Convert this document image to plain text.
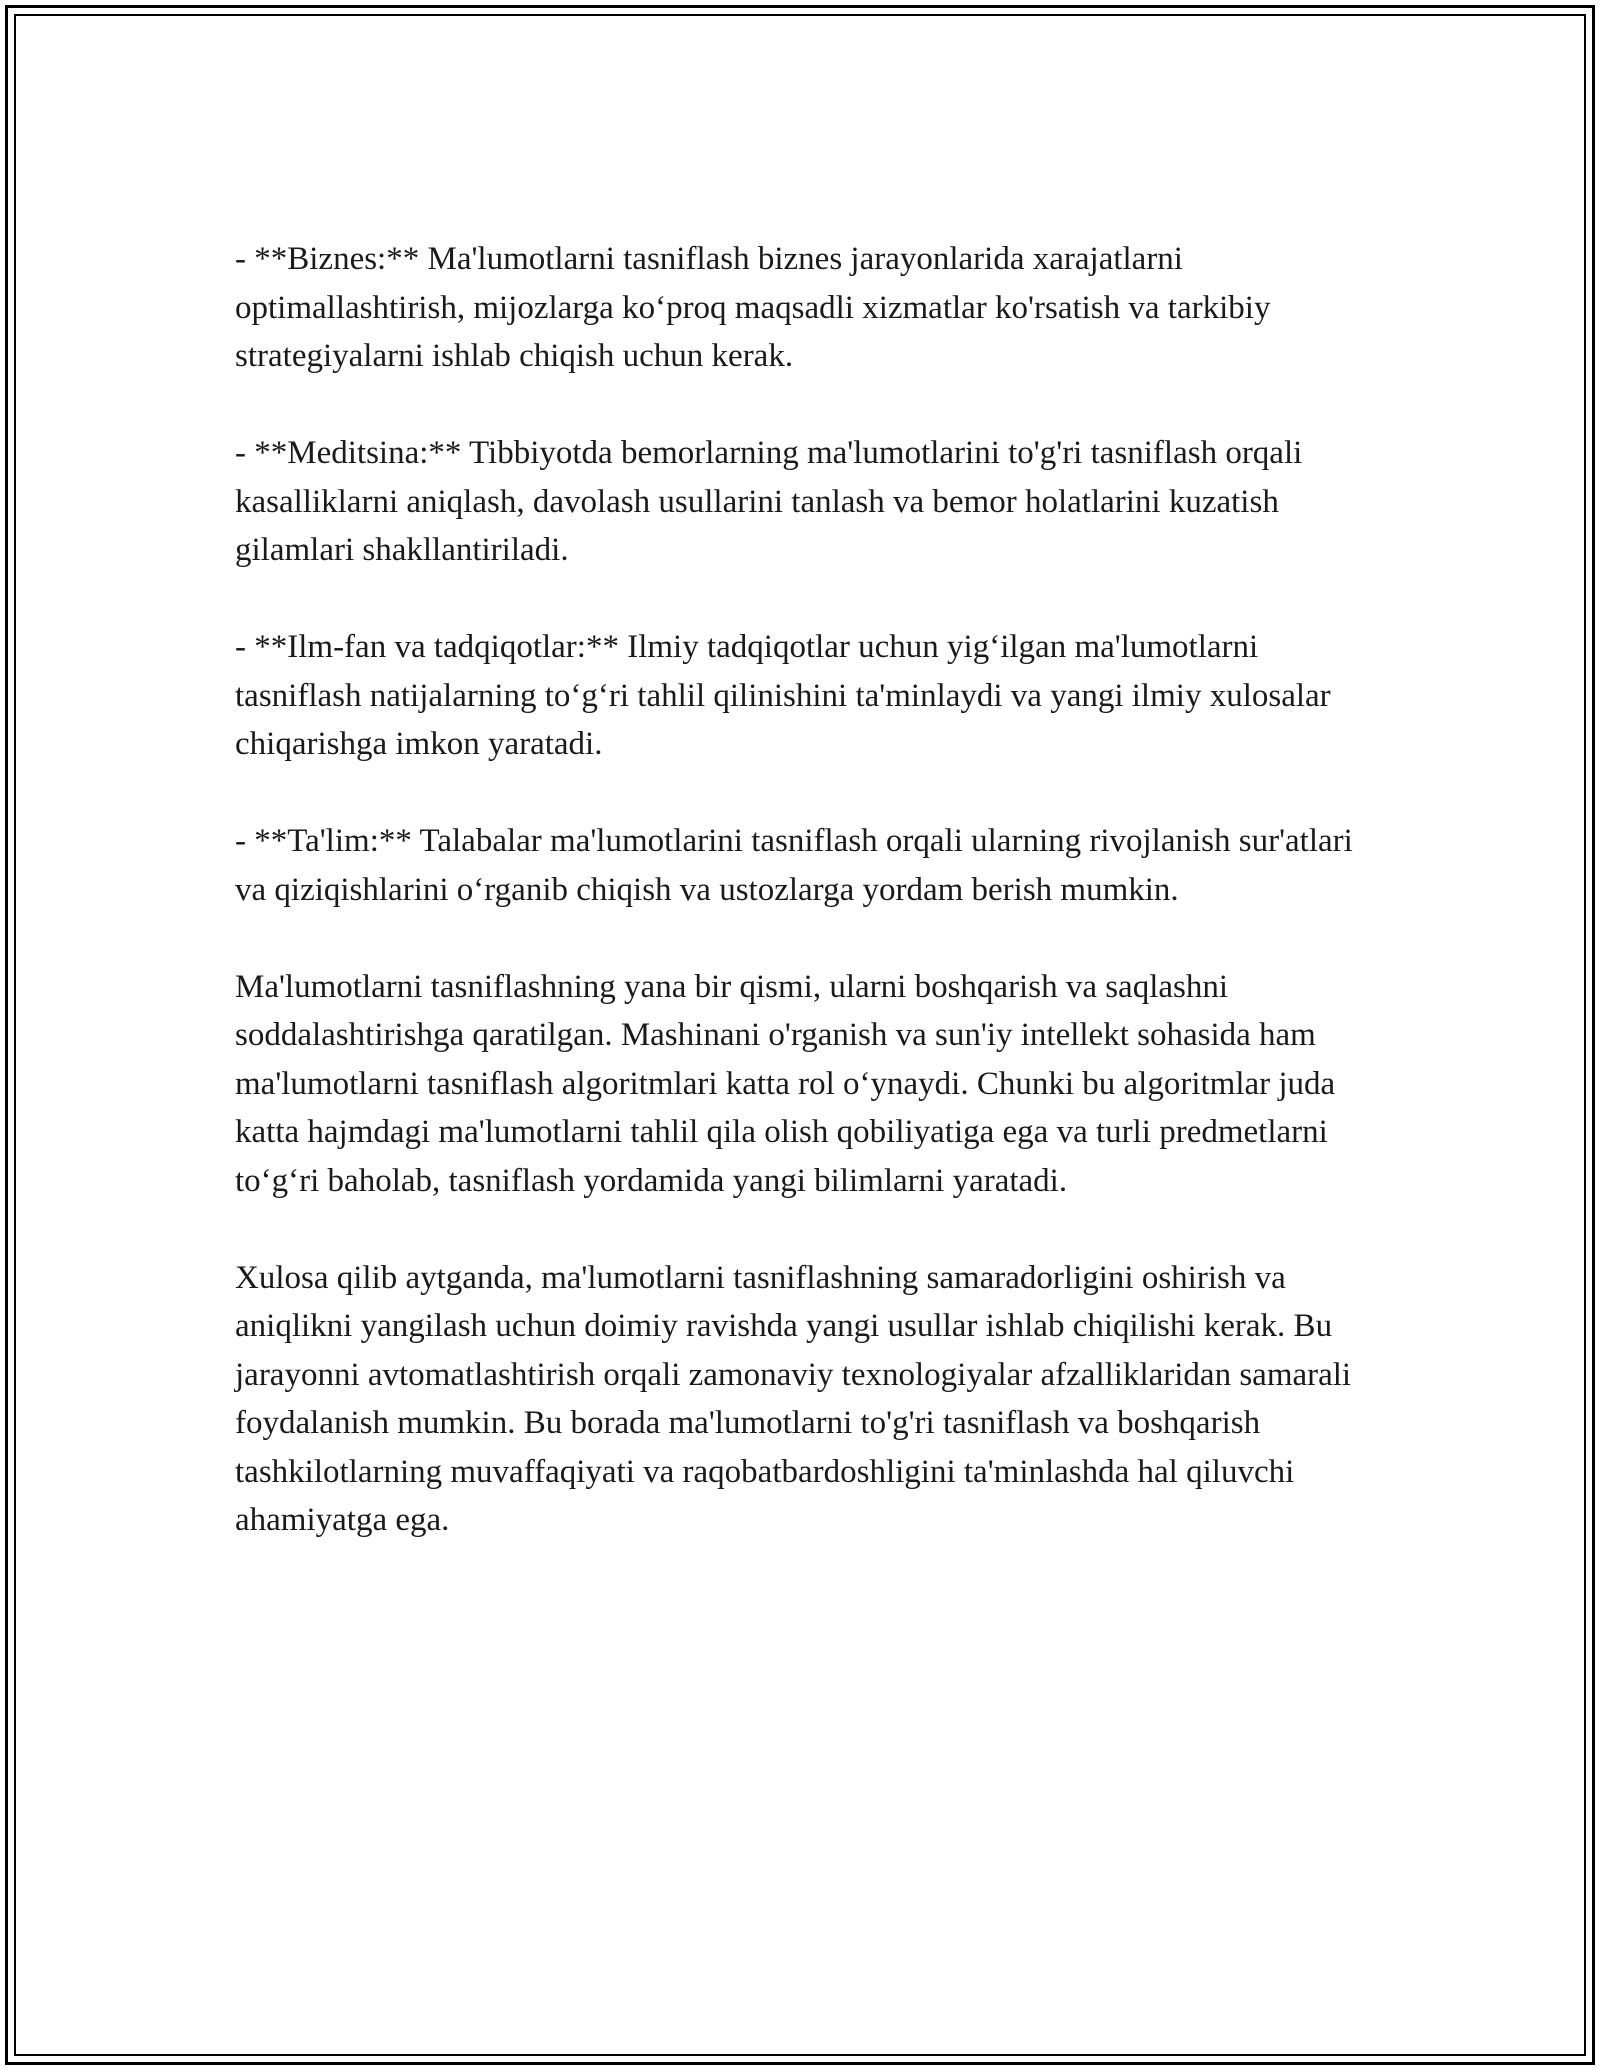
- **Biznes:** Ma'lumotlarni tasniflash biznes jarayonlarida xarajatlarni optimallashtirish, mijozlarga ko‘proq maqsadli xizmatlar ko'rsatish va tarkibiy strategiyalarni ishlab chiqish uchun kerak.

- **Meditsina:** Tibbiyotda bemorlarning ma'lumotlarini to'g'ri tasniflash orqali kasalliklarni aniqlash, davolash usullarini tanlash va bemor holatlarini kuzatish gilamlari shakllantiriladi.

- **Ilm-fan va tadqiqotlar:** Ilmiy tadqiqotlar uchun yig‘ilgan ma'lumotlarni tasniflash natijalarning to‘g‘ri tahlil qilinishini ta'minlaydi va yangi ilmiy xulosalar chiqarishga imkon yaratadi.

- **Ta'lim:** Talabalar ma'lumotlarini tasniflash orqali ularning rivojlanish sur'atlari va qiziqishlarini o‘rganib chiqish va ustozlarga yordam berish mumkin.

Ma'lumotlarni tasniflashning yana bir qismi, ularni boshqarish va saqlashni soddalashtirishga qaratilgan. Mashinani o'rganish va sun'iy intellekt sohasida ham ma'lumotlarni tasniflash algoritmlari katta rol o‘ynaydi. Chunki bu algoritmlar juda katta hajmdagi ma'lumotlarni tahlil qila olish qobiliyatiga ega va turli predmetlarni to‘g‘ri baholab, tasniflash yordamida yangi bilimlarni yaratadi.

Xulosa qilib aytganda, ma'lumotlarni tasniflashning samaradorligini oshirish va aniqlikni yangilash uchun doimiy ravishda yangi usullar ishlab chiqilishi kerak. Bu jarayonni avtomatlashtirish orqali zamonaviy texnologiyalar afzalliklaridan samarali foydalanish mumkin. Bu borada ma'lumotlarni to'g'ri tasniflash va boshqarish tashkilotlarning muvaffaqiyati va raqobatbardoshligini ta'minlashda hal qiluvchi ahamiyatga ega.
